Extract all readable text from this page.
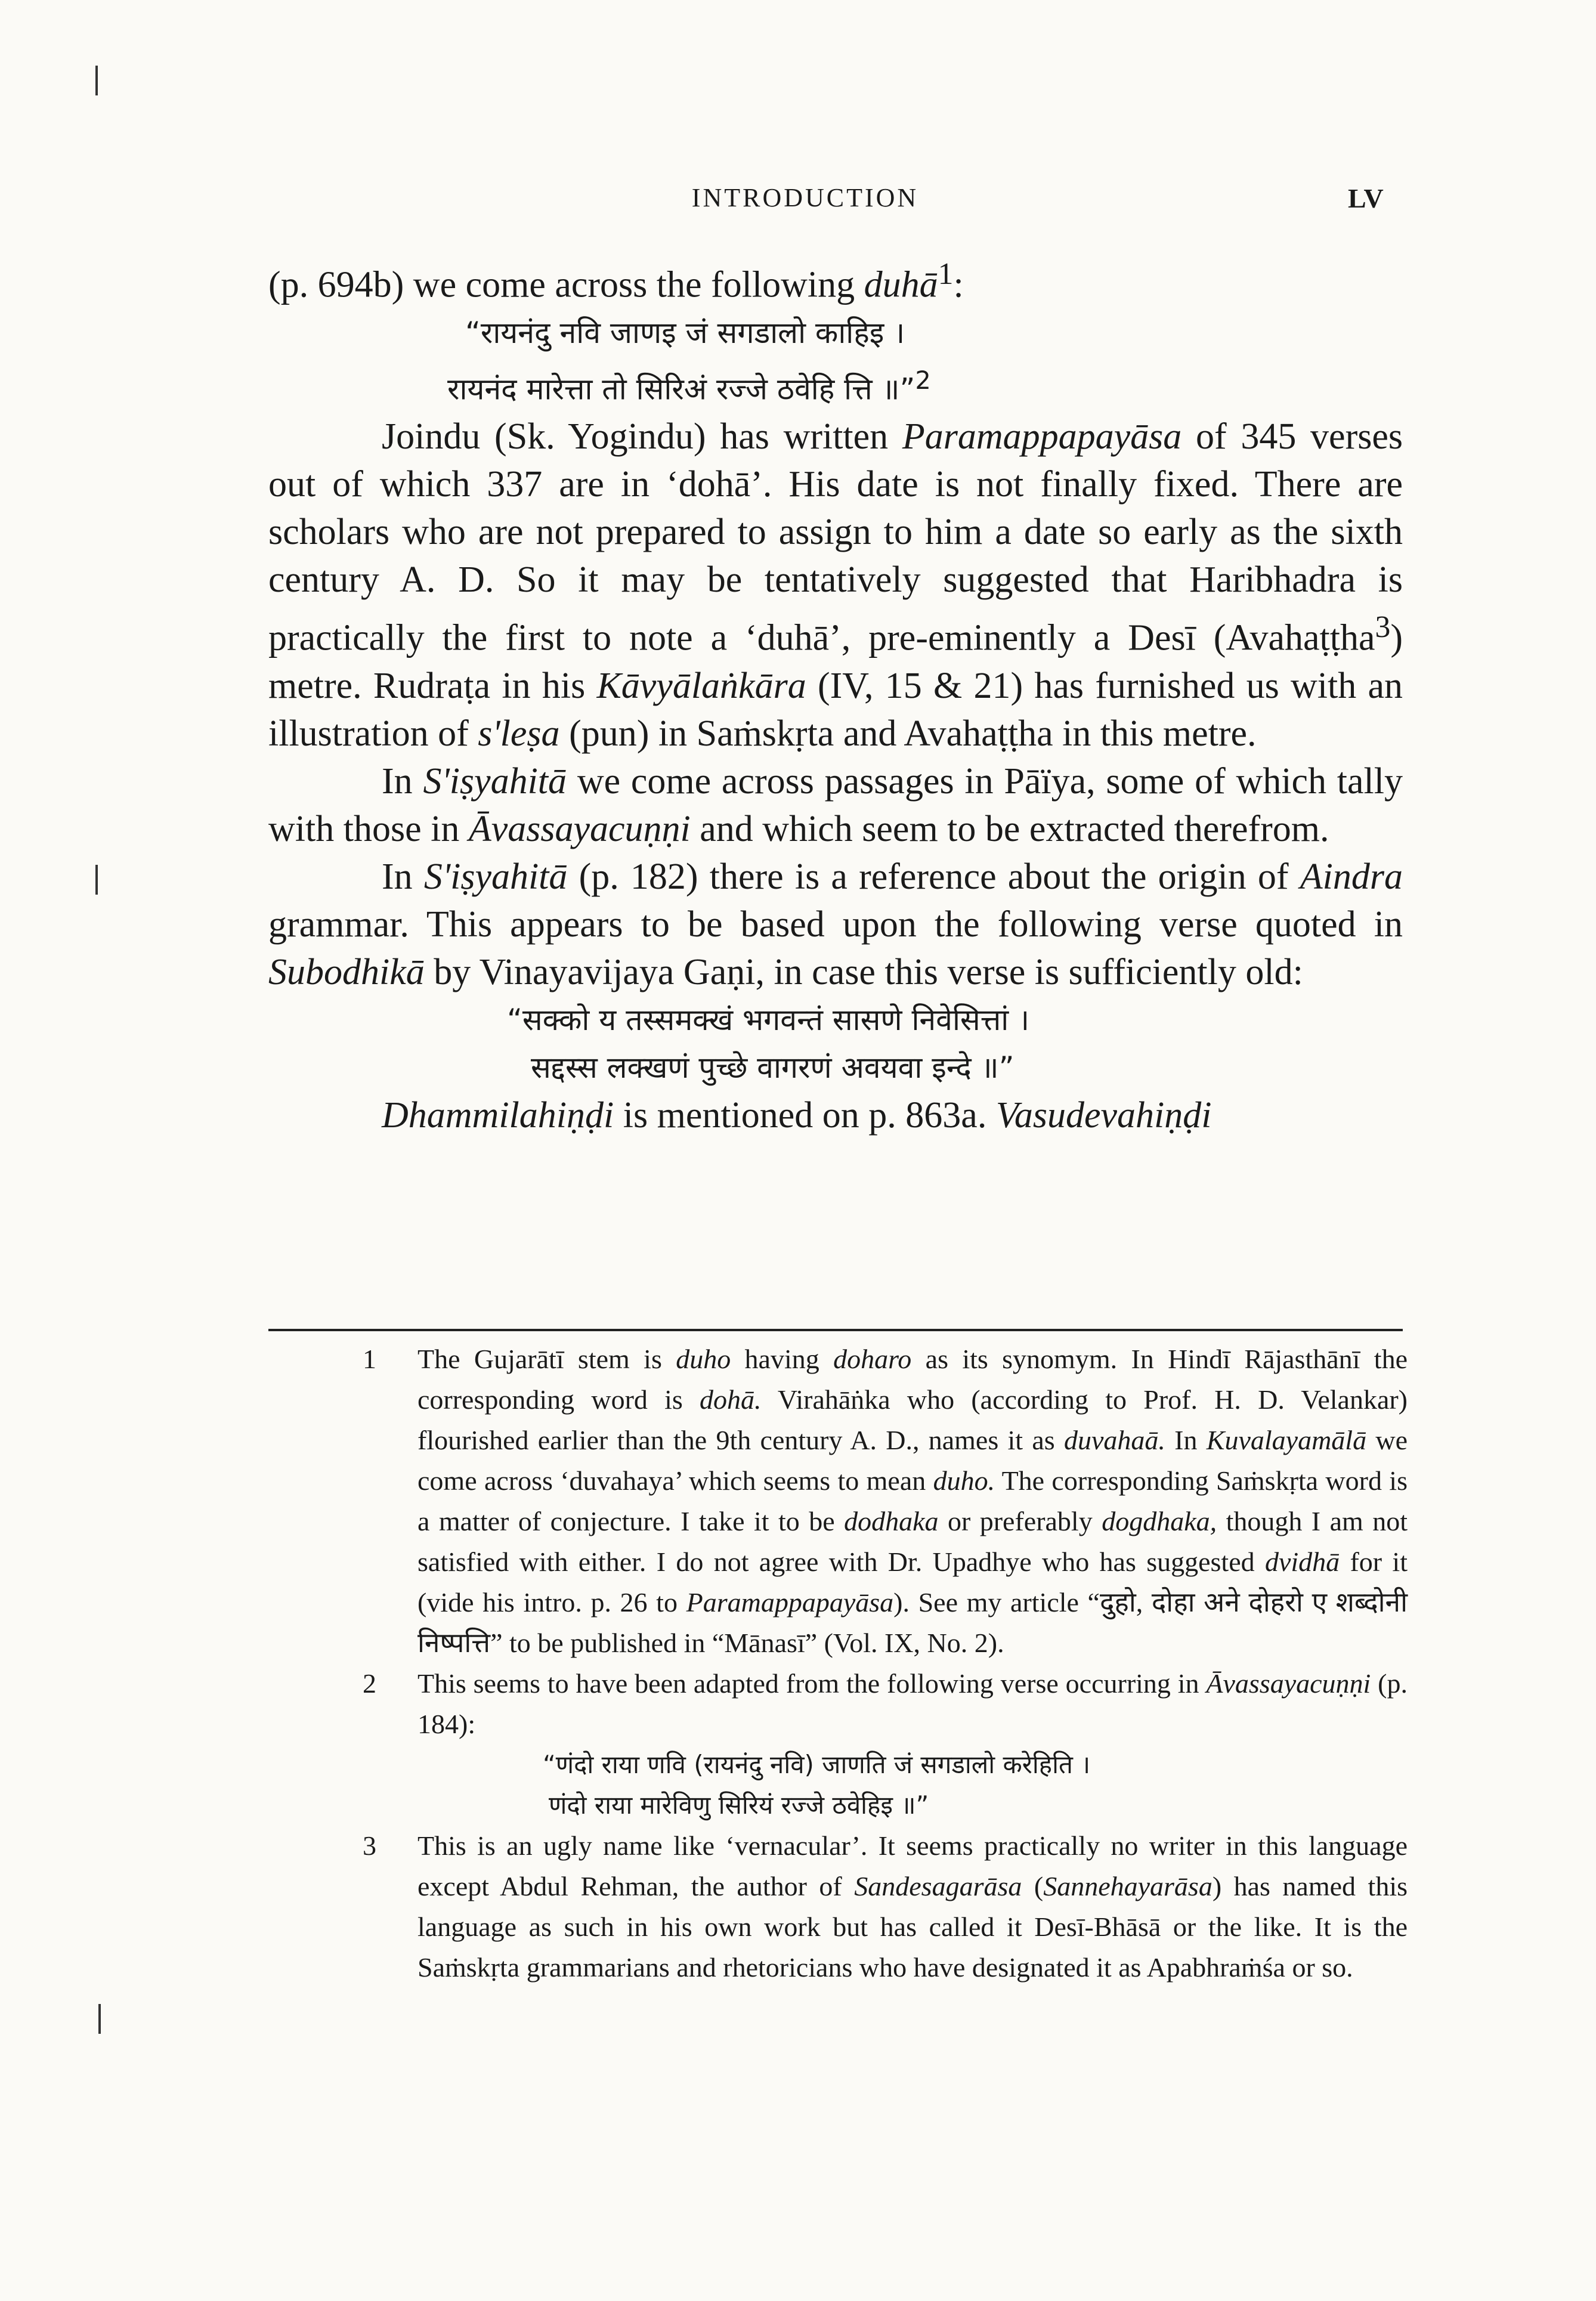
INTRODUCTION	LV

(p. 694b) we come across the following duhā$^1$:

“रायनंदु नवि जाणइ जं सगडालो काहिइ ।

रायनंद मारेत्ता तो सिरिअं रज्जे ठवेहि त्ति ॥”$^2$

Joindu (Sk. Yogindu) has written Paramappapayāsa of 345 verses out of which 337 are in ‘dohā’. His date is not finally fixed. There are scholars who are not prepared to assign to him a date so early as the sixth century A. D. So it may be tentatively suggested that Haribhadra is practically the first to note a ‘duhā’, pre-eminently a Desī (Avahaṭṭha$^3$) metre. Rudraṭa in his Kāvyālaṅkāra (IV, 15 & 21) has furnished us with an illustration of s'leṣa (pun) in Saṁskṛta and Avahaṭṭha in this metre.

In S'iṣyahitā we come across passages in Pāïya, some of which tally with those in Āvassayacuṇṇi and which seem to be extracted therefrom.

In S'iṣyahitā (p. 182) there is a reference about the origin of Aindra grammar. This appears to be based upon the following verse quoted in Subodhikā by Vinayavijaya Gaṇi, in case this verse is sufficiently old:

“सक्को य तस्समक्खं भगवन्तं सासणे निवेसित्तां ।

सद्दस्स लक्खणं पुच्छे वागरणं अवयवा इन्दे ॥”

Dhammilahiṇḍi is mentioned on p. 863a. Vasudevahiṇḍi

1 The Gujarātī stem is duho having doharo as its synomym. In Hindī Rājasthānī the corresponding word is dohā. Virahāṅka who (according to Prof. H. D. Velankar) flourished earlier than the 9th century A. D., names it as duvahaā. In Kuvalayamālā we come across ‘duvahaya’ which seems to mean duho. The corresponding Saṁskṛta word is a matter of conjecture. I take it to be dodhaka or preferably dogdhaka, though I am not satisfied with either. I do not agree with Dr. Upadhye who has suggested dvidhā for it (vide his intro. p. 26 to Paramappapayāsa). See my article “दुहो, दोहा अने दोहरो ए शब्दोनी निष्पत्ति” to be published in “Mānasī” (Vol. IX, No. 2).

2 This seems to have been adapted from the following verse occurring in Āvassayacuṇṇi (p. 184):

“णंदो राया णवि (रायनंदु नवि) जाणति जं सगडालो करेहिति ।

णंदो राया मारेविणु सिरियं रज्जे ठवेहिइ ॥”

3 This is an ugly name like ‘vernacular’. It seems practically no writer in this language except Abdul Rehman, the author of Sandesagarāsa (Sannehayarāsa) has named this language as such in his own work but has called it Desī-Bhāsā or the like. It is the Saṁskṛta grammarians and rhetoricians who have designated it as Apabhraṁśa or so.
